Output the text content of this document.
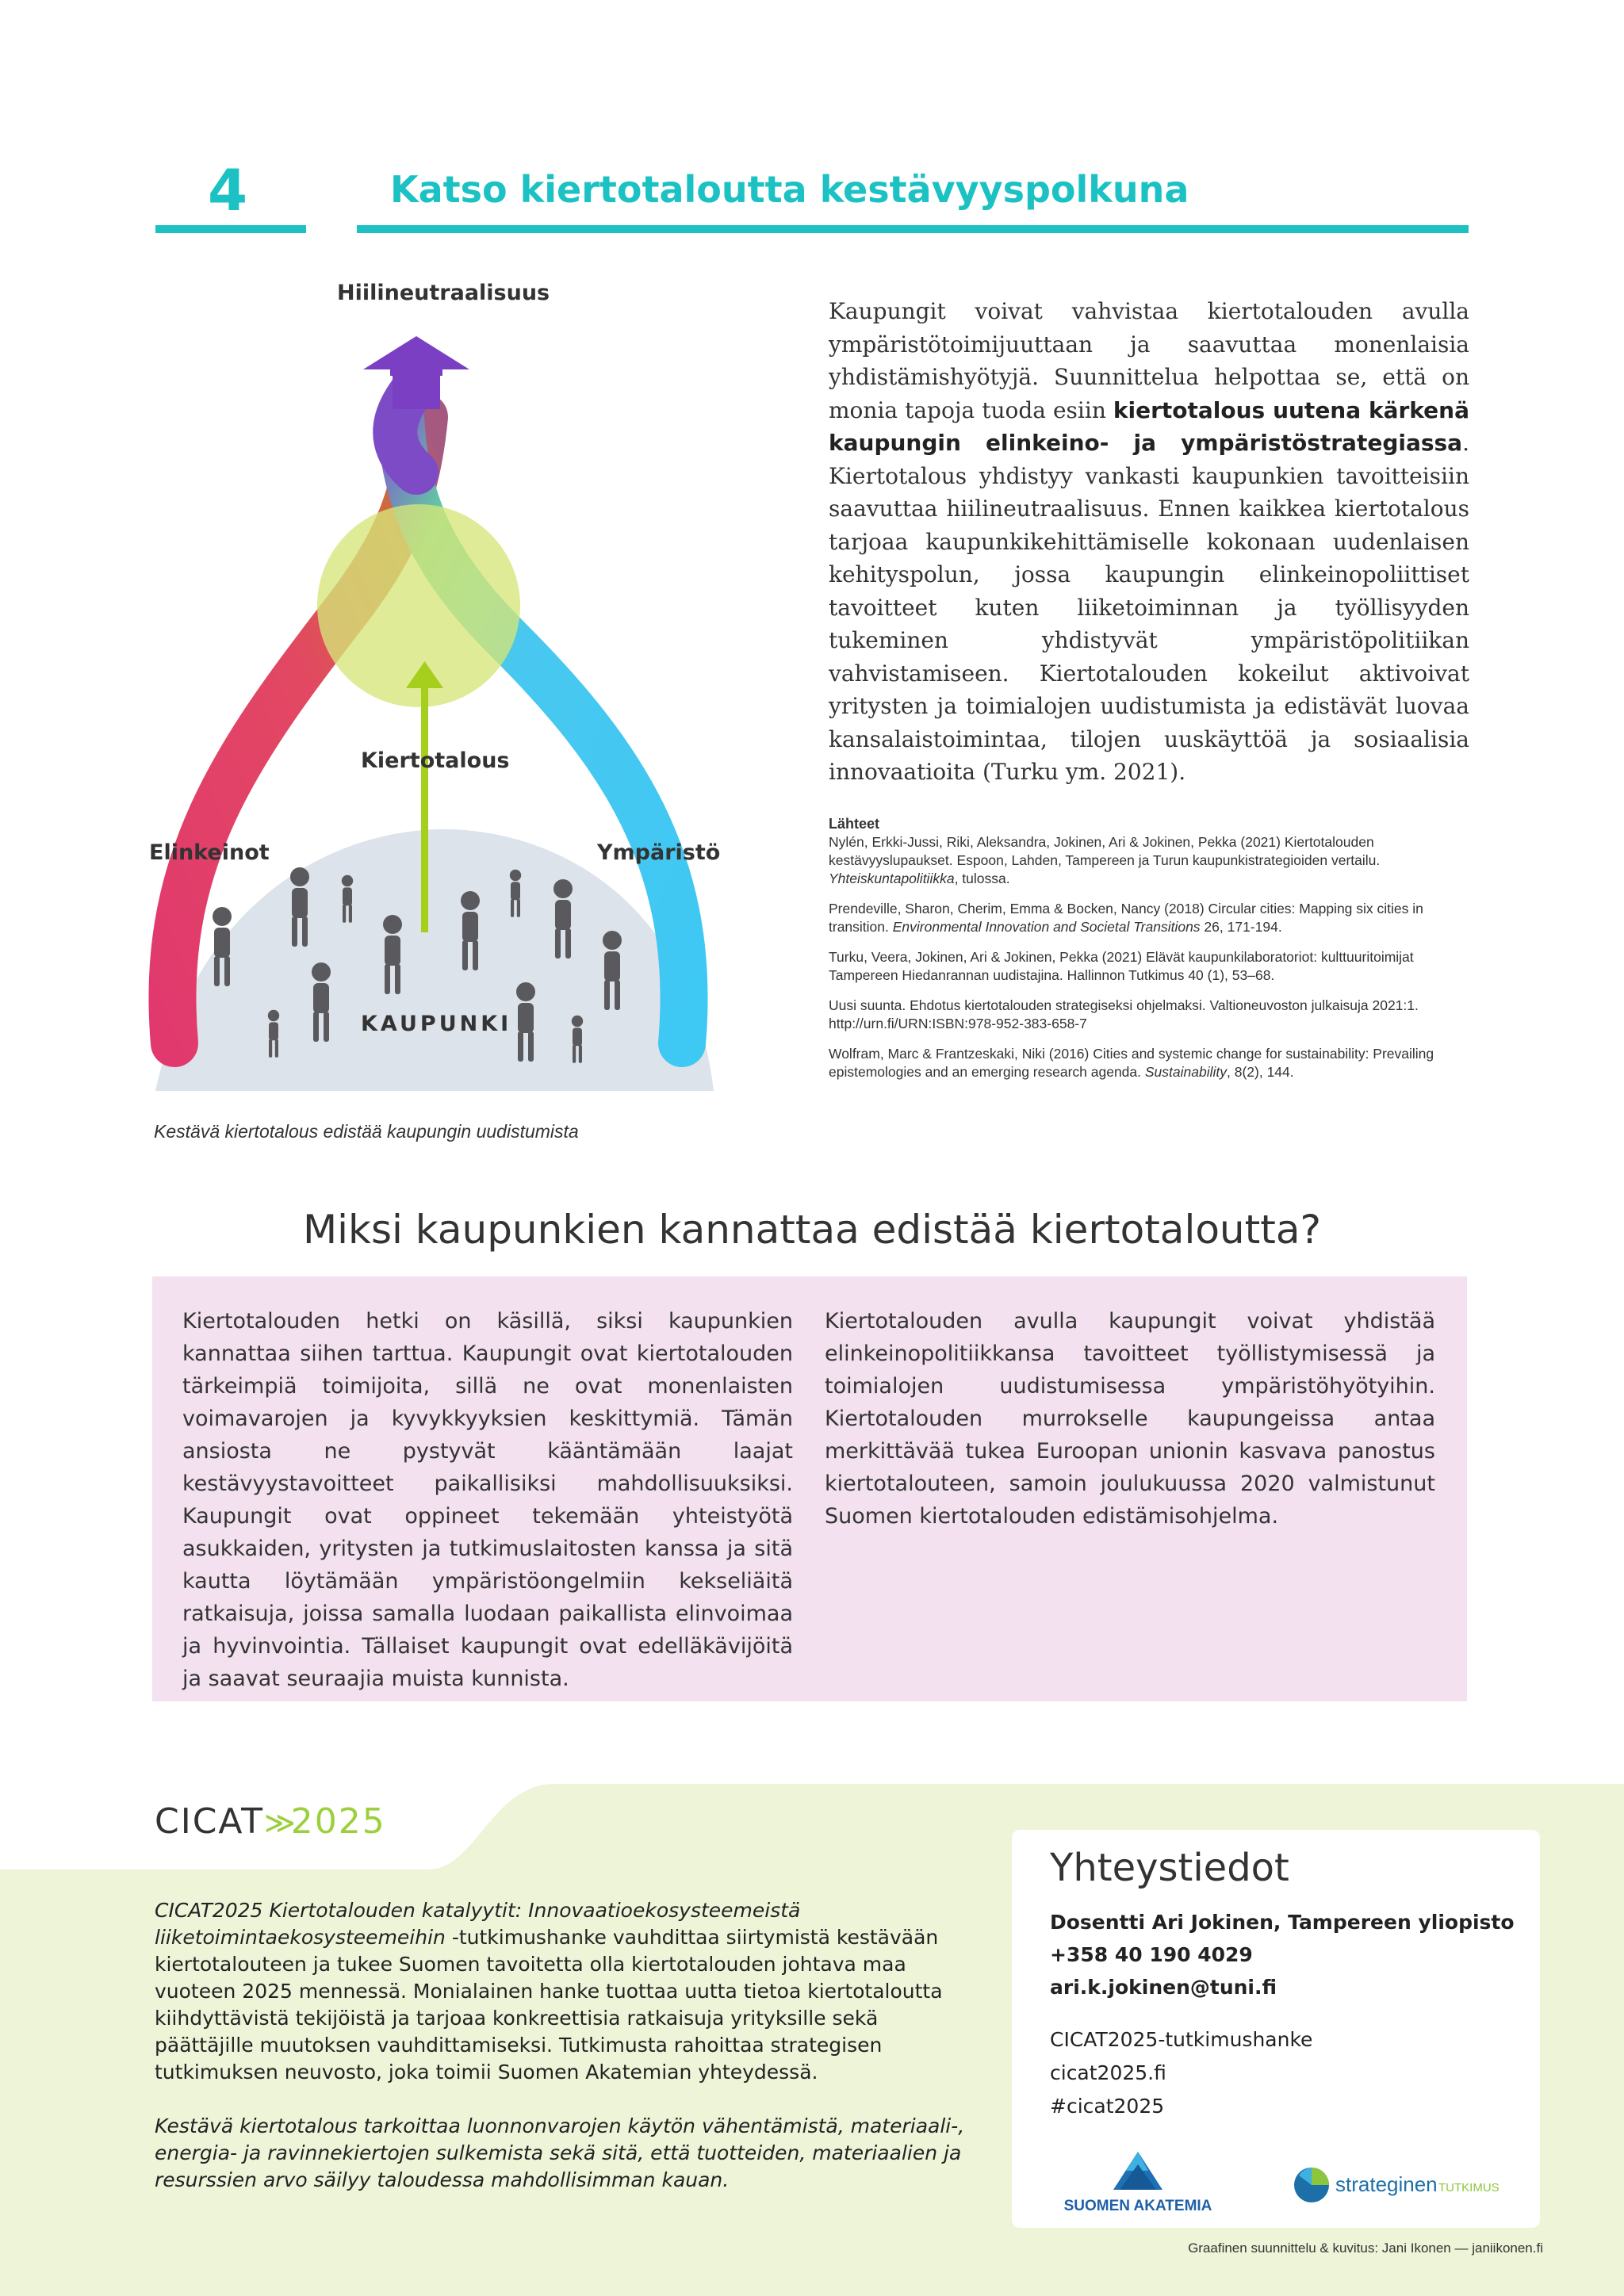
4	Katso kiertotaloutta kestävyyspolkuna
Hiilineutraalisuus
Kiertotalous
Elinkeinot	Ympäristö
KAUPUNKI
Kestävä kiertotalous edistää kaupungin uudistumista
Kaupungit voivat vahvistaa kiertotalouden avulla ympäristötoimijuuttaan ja saavuttaa monenlaisia yhdistämishyötyjä. Suunnittelua helpottaa se, että on monia tapoja tuoda esiin kiertotalous uutena kärkenä kaupungin elinkeino- ja ympäristöstrategiassa. Kiertotalous yhdistyy vankasti kaupunkien tavoitteisiin saavuttaa hiilineutraalisuus. Ennen kaikkea kiertotalous tarjoaa kaupunkikehittämiselle kokonaan uudenlaisen kehityspolun, jossa kaupungin elinkeinopoliittiset tavoitteet kuten liiketoiminnan ja työllisyyden tukeminen yhdistyvät ympäristöpolitiikan vahvistamiseen. Kiertotalouden kokeilut aktivoivat yritysten ja toimialojen uudistumista ja edistävät luovaa kansalaistoimintaa, tilojen uuskäyttöä ja sosiaalisia innovaatioita (Turku ym. 2021).
Lähteet
Nylén, Erkki-Jussi, Riki, Aleksandra, Jokinen, Ari & Jokinen, Pekka (2021) Kiertotalouden kestävyyslupaukset. Espoon, Lahden, Tampereen ja Turun kaupunkistrategioiden vertailu. Yhteiskuntapolitiikka, tulossa.
Prendeville, Sharon, Cherim, Emma & Bocken, Nancy (2018) Circular cities: Mapping six cities in transition. Environmental Innovation and Societal Transitions 26, 171-194.
Turku, Veera, Jokinen, Ari & Jokinen, Pekka (2021) Elävät kaupunkilaboratoriot: kulttuuritoimijat Tampereen Hiedanrannan uudistajina. Hallinnon Tutkimus 40 (1), 53–68.
Uusi suunta. Ehdotus kiertotalouden strategiseksi ohjelmaksi. Valtioneuvoston julkaisuja 2021:1. http://urn.fi/URN:ISBN:978-952-383-658-7
Wolfram, Marc & Frantzeskaki, Niki (2016) Cities and systemic change for sustainability: Prevailing epistemologies and an emerging research agenda. Sustainability, 8(2), 144.
Miksi kaupunkien kannattaa edistää kiertotaloutta?
Kiertotalouden hetki on käsillä, siksi kaupunkien kannattaa siihen tarttua. Kaupungit ovat kiertotalouden tärkeimpiä toimijoita, sillä ne ovat monenlaisten voimavarojen ja kyvykkyyksien keskittymiä. Tämän ansiosta ne pystyvät kääntämään laajat kestävyystavoitteet paikallisiksi mahdollisuuksiksi. Kaupungit ovat oppineet tekemään yhteistyötä asukkaiden, yritysten ja tutkimuslaitosten kanssa ja sitä kautta löytämään ympäristöongelmiin kekseliäitä ratkaisuja, joissa samalla luodaan paikallista elinvoimaa ja hyvinvointia. Tällaiset kaupungit ovat edelläkävijöitä ja saavat seuraajia muista kunnista.
Kiertotalouden avulla kaupungit voivat yhdistää elinkeinopolitiikkansa tavoitteet työllistymisessä ja toimialojen uudistumisessa ympäristöhyötyihin. Kiertotalouden murrokselle kaupungeissa antaa merkittävää tukea Euroopan unionin kasvava panostus kiertotalouteen, samoin joulukuussa 2020 valmistunut Suomen kiertotalouden edistämisohjelma.
CICAT≫2025

CICAT2025 Kiertotalouden katalyytit: Innovaatioekosysteemeistä liiketoimintaekosysteemeihin -tutkimushanke vauhdittaa siirtymistä kestävään kiertotalouteen ja tukee Suomen tavoitetta olla kiertotalouden johtava maa vuoteen 2025 mennessä. Monialainen hanke tuottaa uutta tietoa kiertotaloutta kiihdyttävistä tekijöistä ja tarjoaa konkreettisia ratkaisuja yrityksille sekä päättäjille muutoksen vauhdittamiseksi. Tutkimusta rahoittaa strategisen tutkimuksen neuvosto, joka toimii Suomen Akatemian yhteydessä.

Kestävä kiertotalous tarkoittaa luonnonvarojen käytön vähentämistä, materiaali-, energia- ja ravinnekiertojen sulkemista sekä sitä, että tuotteiden, materiaalien ja resurssien arvo säilyy taloudessa mahdollisimman kauan.

Yhteystiedot
Dosentti Ari Jokinen, Tampereen yliopisto
+358 40 190 4029
ari.k.jokinen@tuni.fi
CICAT2025-tutkimushanke
cicat2025.fi
#cicat2025
SUOMEN AKATEMIA
strateginen TUTKIMUS
Graafinen suunnittelu & kuvitus: Jani Ikonen — janiikonen.fi
